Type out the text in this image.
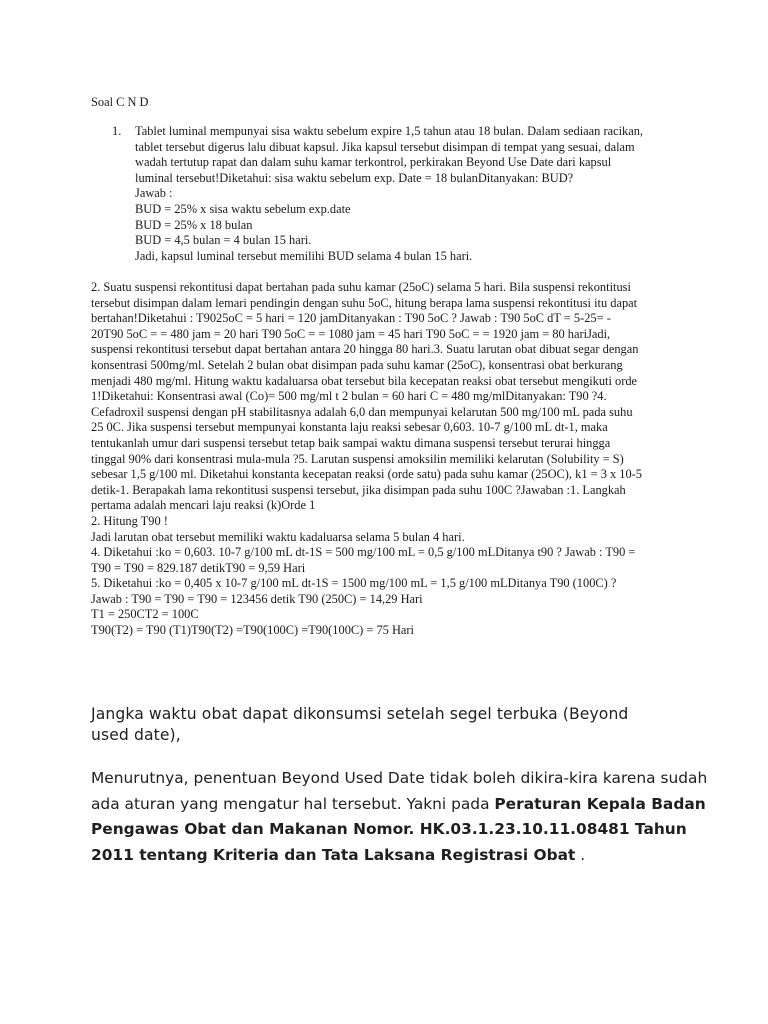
Soal C N D
1. Tablet luminal mempunyai sisa waktu sebelum expire 1,5 tahun atau 18 bulan. Dalam sediaan racikan,
tablet tersebut digerus lalu dibuat kapsul. Jika kapsul tersebut disimpan di tempat yang sesuai, dalam
wadah tertutup rapat dan dalam suhu kamar terkontrol, perkirakan Beyond Use Date dari kapsul
luminal tersebut!Diketahui: sisa waktu sebelum exp. Date = 18 bulanDitanyakan: BUD?
Jawab :
BUD = 25% x sisa waktu sebelum exp.date
BUD = 25% x 18 bulan
BUD = 4,5 bulan = 4 bulan 15 hari.
Jadi, kapsul luminal tersebut memilihi BUD selama 4 bulan 15 hari.
2. Suatu suspensi rekontitusi dapat bertahan pada suhu kamar (25oC) selama 5 hari. Bila suspensi rekontitusi
tersebut disimpan dalam lemari pendingin dengan suhu 5oC, hitung berapa lama suspensi rekontitusi itu dapat
bertahan!Diketahui : T9025oC = 5 hari = 120 jamDitanyakan : T90 5oC ? Jawab : T90 5oC dT = 5-25= -
20T90 5oC = = 480 jam = 20 hari T90 5oC = = 1080 jam = 45 hari T90 5oC = = 1920 jam = 80 hariJadi,
suspensi rekontitusi tersebut dapat bertahan antara 20 hingga 80 hari.3. Suatu larutan obat dibuat segar dengan
konsentrasi 500mg/ml. Setelah 2 bulan obat disimpan pada suhu kamar (25oC), konsentrasi obat berkurang
menjadi 480 mg/ml. Hitung waktu kadaluarsa obat tersebut bila kecepatan reaksi obat tersebut mengikuti orde
1!Diketahui: Konsentrasi awal (Co)= 500 mg/ml t 2 bulan = 60 hari C = 480 mg/mlDitanyakan: T90 ?4.
Cefadroxil suspensi dengan pH stabilitasnya adalah 6,0 dan mempunyai kelarutan 500 mg/100 mL pada suhu
25 0C. Jika suspensi tersebut mempunyai konstanta laju reaksi sebesar 0,603. 10-7 g/100 mL dt-1, maka
tentukanlah umur dari suspensi tersebut tetap baik sampai waktu dimana suspensi tersebut terurai hingga
tinggal 90% dari konsentrasi mula-mula ?5. Larutan suspensi amoksilin memiliki kelarutan (Solubility = S)
sebesar 1,5 g/100 ml. Diketahui konstanta kecepatan reaksi (orde satu) pada suhu kamar (25OC), k1 = 3 x 10-5
detik-1. Berapakah lama rekontitusi suspensi tersebut, jika disimpan pada suhu 100C ?Jawaban :1. Langkah
pertama adalah mencari laju reaksi (k)Orde 1
2. Hitung T90 !
Jadi larutan obat tersebut memiliki waktu kadaluarsa selama 5 bulan 4 hari.
4. Diketahui :ko = 0,603. 10-7 g/100 mL dt-1S = 500 mg/100 mL = 0,5 g/100 mLDitanya t90 ? Jawab : T90 =
T90 = T90 = 829.187 detikT90 = 9,59 Hari
5. Diketahui :ko = 0,405 x 10-7 g/100 mL dt-1S = 1500 mg/100 mL = 1,5 g/100 mLDitanya T90 (100C) ?
Jawab : T90 = T90 = T90 = 123456 detik T90 (250C) = 14,29 Hari
T1 = 250CT2 = 100C
T90(T2) = T90 (T1)T90(T2) =T90(100C) =T90(100C) = 75 Hari
Jangka waktu obat dapat dikonsumsi setelah segel terbuka (Beyond
used date),

Menurutnya, penentuan Beyond Used Date tidak boleh dikira-kira karena sudah
ada aturan yang mengatur hal tersebut. Yakni pada Peraturan Kepala Badan
Pengawas Obat dan Makanan Nomor. HK.03.1.23.10.11.08481 Tahun
2011 tentang Kriteria dan Tata Laksana Registrasi Obat .
